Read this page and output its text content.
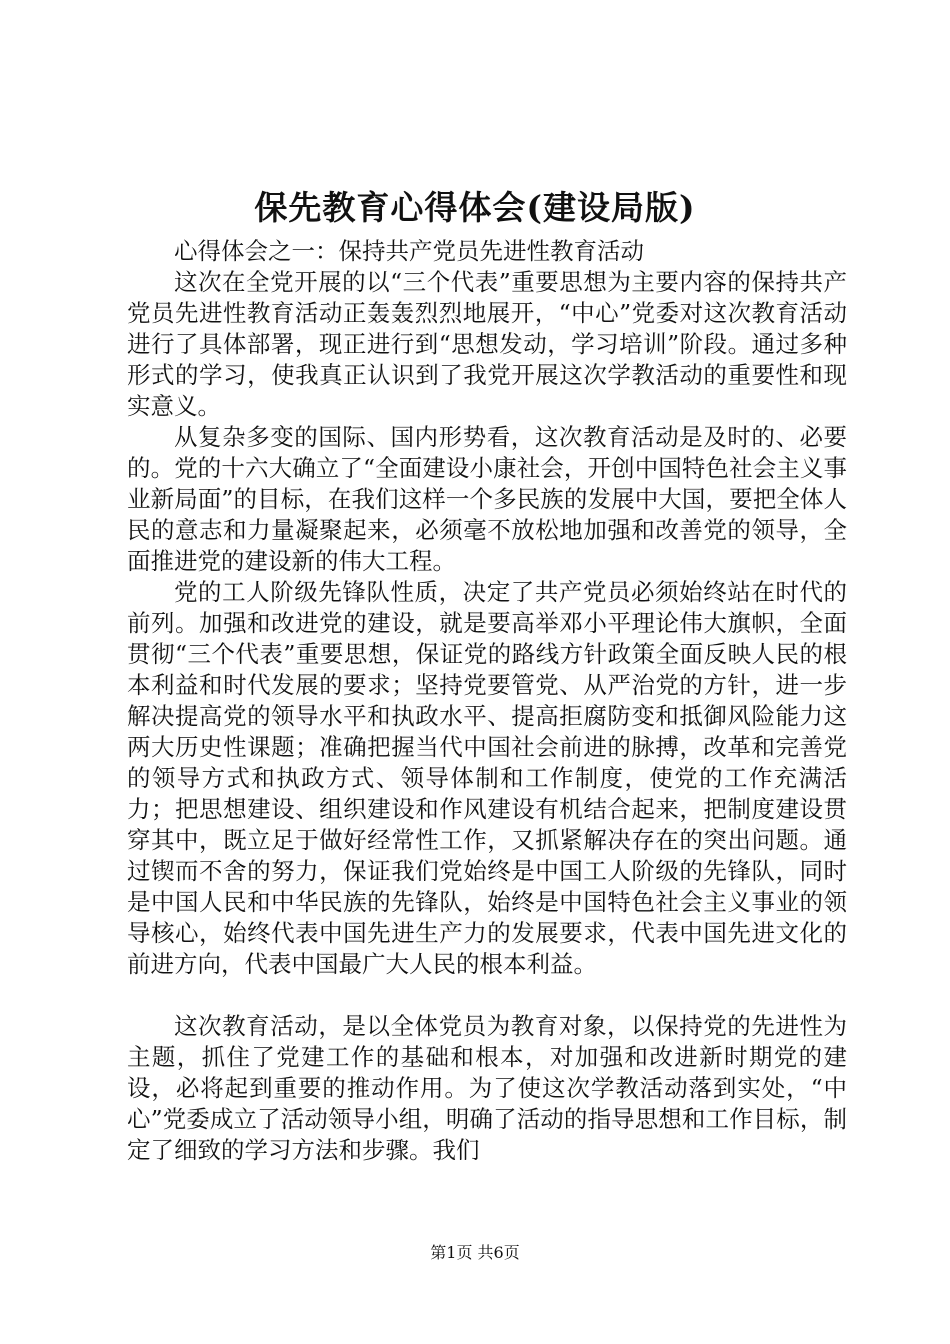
保先教育心得体会(建设局版)

心得体会之一：保持共产党员先进性教育活动

这次在全党开展的以“三个代表”重要思想为主要内容的保持共产党员先进性教育活动正轰轰烈烈地展开，“中心”党委对这次教育活动进行了具体部署，现正进行到“思想发动，学习培训”阶段。通过多种形式的学习，使我真正认识到了我党开展这次学教活动的重要性和现实意义。

从复杂多变的国际、国内形势看，这次教育活动是及时的、必要的。党的十六大确立了“全面建设小康社会，开创中国特色社会主义事业新局面”的目标，在我们这样一个多民族的发展中大国，要把全体人民的意志和力量凝聚起来，必须毫不放松地加强和改善党的领导，全面推进党的建设新的伟大工程。

党的工人阶级先锋队性质，决定了共产党员必须始终站在时代的前列。加强和改进党的建设，就是要高举邓小平理论伟大旗帜，全面贯彻“三个代表”重要思想，保证党的路线方针政策全面反映人民的根本利益和时代发展的要求；坚持党要管党、从严治党的方针，进一步解决提高党的领导水平和执政水平、提高拒腐防变和抵御风险能力这两大历史性课题；准确把握当代中国社会前进的脉搏，改革和完善党的领导方式和执政方式、领导体制和工作制度，使党的工作充满活力；把思想建设、组织建设和作风建设有机结合起来，把制度建设贯穿其中，既立足于做好经常性工作，又抓紧解决存在的突出问题。通过锲而不舍的努力，保证我们党始终是中国工人阶级的先锋队，同时是中国人民和中华民族的先锋队，始终是中国特色社会主义事业的领导核心，始终代表中国先进生产力的发展要求，代表中国先进文化的前进方向，代表中国最广大人民的根本利益。

这次教育活动，是以全体党员为教育对象，以保持党的先进性为主题，抓住了党建工作的基础和根本，对加强和改进新时期党的建设，必将起到重要的推动作用。为了使这次学教活动落到实处，“中心”党委成立了活动领导小组，明确了活动的指导思想和工作目标，制定了细致的学习方法和步骤。我们

第1页 共6页
